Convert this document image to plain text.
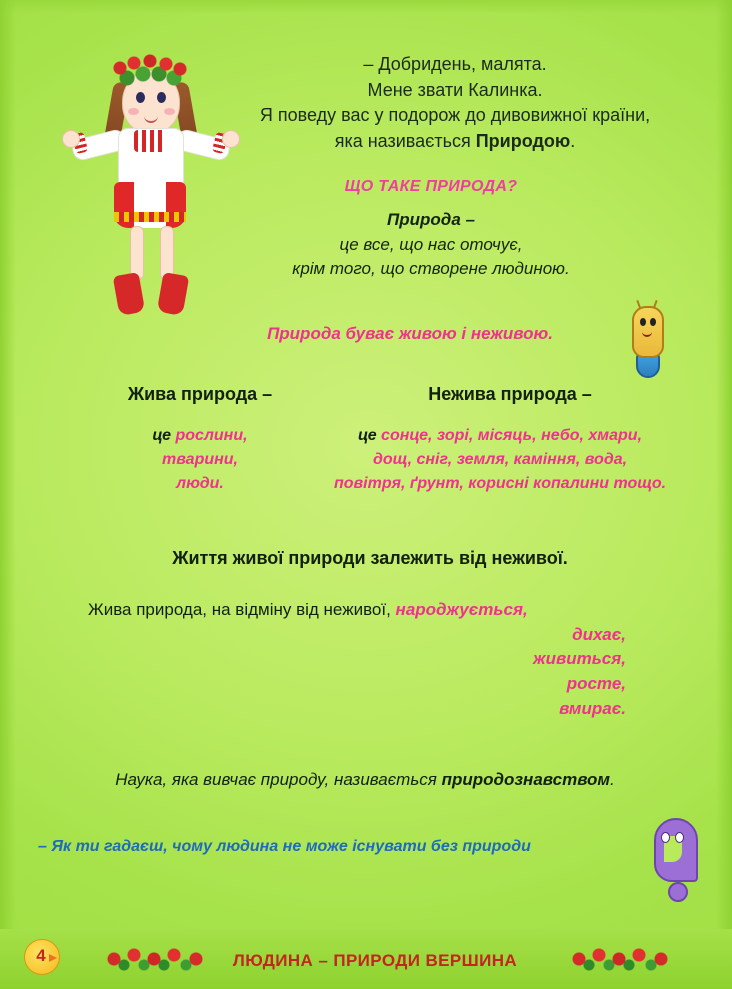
– Добридень, малята.
Мене звати Калинка.
Я поведу вас у подорож до дивовижної країни,
яка називається Природою.
ЩО ТАКЕ ПРИРОДА?
Природа –
це все, що нас оточує,
крім того, що створене людиною.
Природа буває живою і неживою.
Жива природа –	Нежива природа –
це рослини,
тварини,
люди.
це сонце, зорі, місяць, небо, хмари,
дощ, сніг, земля, каміння, вода,
повітря, ґрунт, корисні копалини тощо.
Життя живої природи залежить від неживої.
Жива природа, на відміну від неживої, народжується,
дихає,
живиться,
росте,
вмирає.
Наука, яка вивчає природу, називається природознавством.
– Як ти гадаєш, чому людина не може існувати без природи
4	ЛЮДИНА – ПРИРОДИ ВЕРШИНА
